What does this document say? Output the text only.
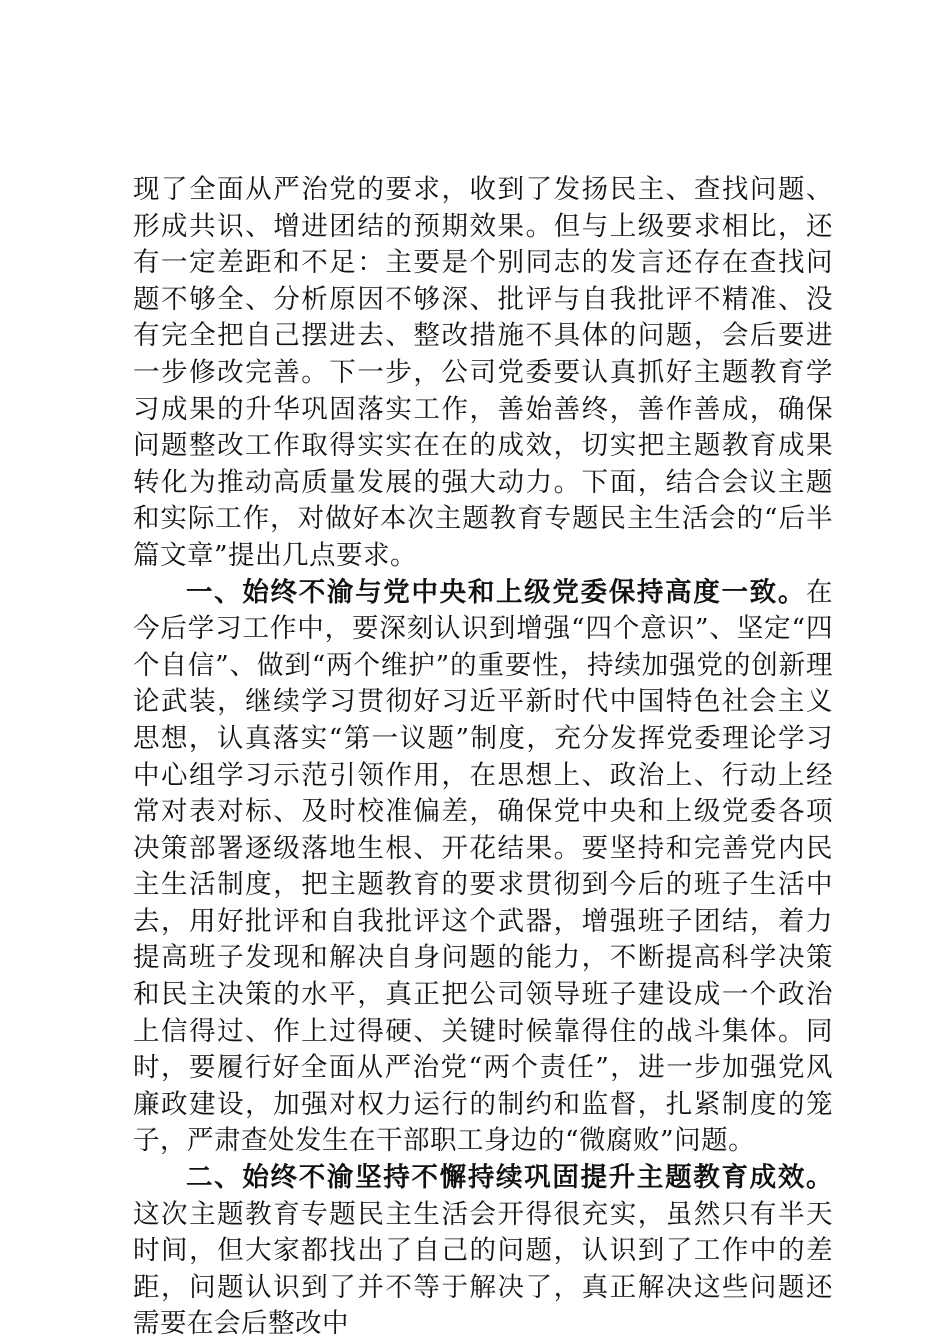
现了全面从严治党的要求，收到了发扬民主、查找问题、形成共识、增进团结的预期效果。但与上级要求相比，还有一定差距和不足：主要是个别同志的发言还存在查找问题不够全、分析原因不够深、批评与自我批评不精准、没有完全把自己摆进去、整改措施不具体的问题，会后要进一步修改完善。下一步，公司党委要认真抓好主题教育学习成果的升华巩固落实工作，善始善终，善作善成，确保问题整改工作取得实实在在的成效，切实把主题教育成果转化为推动高质量发展的强大动力。下面，结合会议主题和实际工作，对做好本次主题教育专题民主生活会的“后半篇文章”提出几点要求。

一、始终不渝与党中央和上级党委保持高度一致。在今后学习工作中，要深刻认识到增强“四个意识”、坚定“四个自信”、做到“两个维护”的重要性，持续加强党的创新理论武装，继续学习贯彻好习近平新时代中国特色社会主义思想，认真落实“第一议题”制度，充分发挥党委理论学习中心组学习示范引领作用，在思想上、政治上、行动上经常对表对标、及时校准偏差，确保党中央和上级党委各项决策部署逐级落地生根、开花结果。要坚持和完善党内民主生活制度，把主题教育的要求贯彻到今后的班子生活中去，用好批评和自我批评这个武器，增强班子团结，着力提高班子发现和解决自身问题的能力，不断提高科学决策和民主决策的水平，真正把公司领导班子建设成一个政治上信得过、作上过得硬、关键时候靠得住的战斗集体。同时，要履行好全面从严治党“两个责任”，进一步加强党风廉政建设，加强对权力运行的制约和监督，扎紧制度的笼子，严肃查处发生在干部职工身边的“微腐败”问题。

二、始终不渝坚持不懈持续巩固提升主题教育成效。这次主题教育专题民主生活会开得很充实，虽然只有半天时间，但大家都找出了自己的问题，认识到了工作中的差距，问题认识到了并不等于解决了，真正解决这些问题还需要在会后整改中
